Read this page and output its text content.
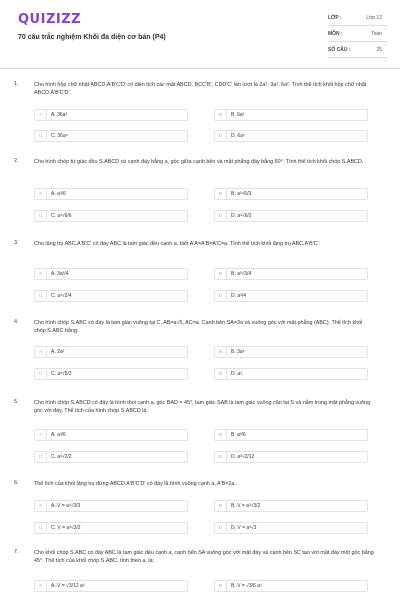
QUIZIZZ
70 câu trắc nghiệm Khối đa diện cơ bản (P4)
LỚP :	Lớp 12
MÔN :	Toán
SỐ CÂU :	25
1.	Cho hình hộp chữ nhật ABCD.A'B'C'D' có diện tích các mặt ABCD, BCC'B', CDD'C' lần lượt là 2a², 3a², 6a². Tính thể tích khối hộp chữ nhật ABCD.A'B'C'D'.
A	A. 36a³	B	B. 6a³
C	C. 36a⁶	D	D. 6a²
2.	Cho hình chóp tứ giác đều S.ABCD có cạnh đáy bằng a, góc giữa cạnh bên và mặt phẳng đáy bằng 60°. Tính thể tích khối chóp S.ABCD.
A	A. a³/6	B	B. a³√6/3
C	C. a³√6/6	D	D. a³√6/2
3.	Cho lăng trụ ABC.A'B'C' có đáy ABC là tam giác đều cạnh a, biết A'A=A'B=A'C=a. Tính thể tích khối lăng trụ ABC.A'B'C'.
A	A. 3a³/4	B	B. a³√3/4
C	C. a³√2/4	D	D. a³/4
4.	Cho hình chóp S.ABC có đáy là tam giác vuông tại C, AB=a√5, AC=a. Cạnh bên SA=3a và vuông góc với mặt phẳng (ABC). Thể tích khối chóp S.ABC bằng:
A	A. 2a³	B	B. 3a³
C	C. a³√5/2	D	D. a³.
5.	Cho hình chóp S.ABCD có đáy là hình thoi cạnh a, góc BAD = 45°, tam giác SAB là tam giác vuông cân tại S và nằm trong mặt phẳng vuông góc với đáy. Thể tích của hình chóp S.ABCD là:
A	A. a³/6	B	B. a³/6
C	C. a³√2/2	D	D. a³√2/12
6.	Thể tích của khối lăng trụ đứng ABCD.A'B'C'D' có đáy là hình vuông cạnh a, A'B=2a.
A	A. V = a³√3/3	B	B. V = a³√3/2
C	C. V = a³√3/2	D	D. V = a³√3
7.	Cho khối chóp S.ABC có đáy ABC là tam giác đều cạnh a, cạnh bên SA vuông góc với mặt đáy và cạnh bên SC tạo với mặt đáy một góc bằng 45°. Thể tích của khối chóp S.ABC, tính theo a, là:
A	A. V = √3/12 a³	B	B. V = √3/6 a³
